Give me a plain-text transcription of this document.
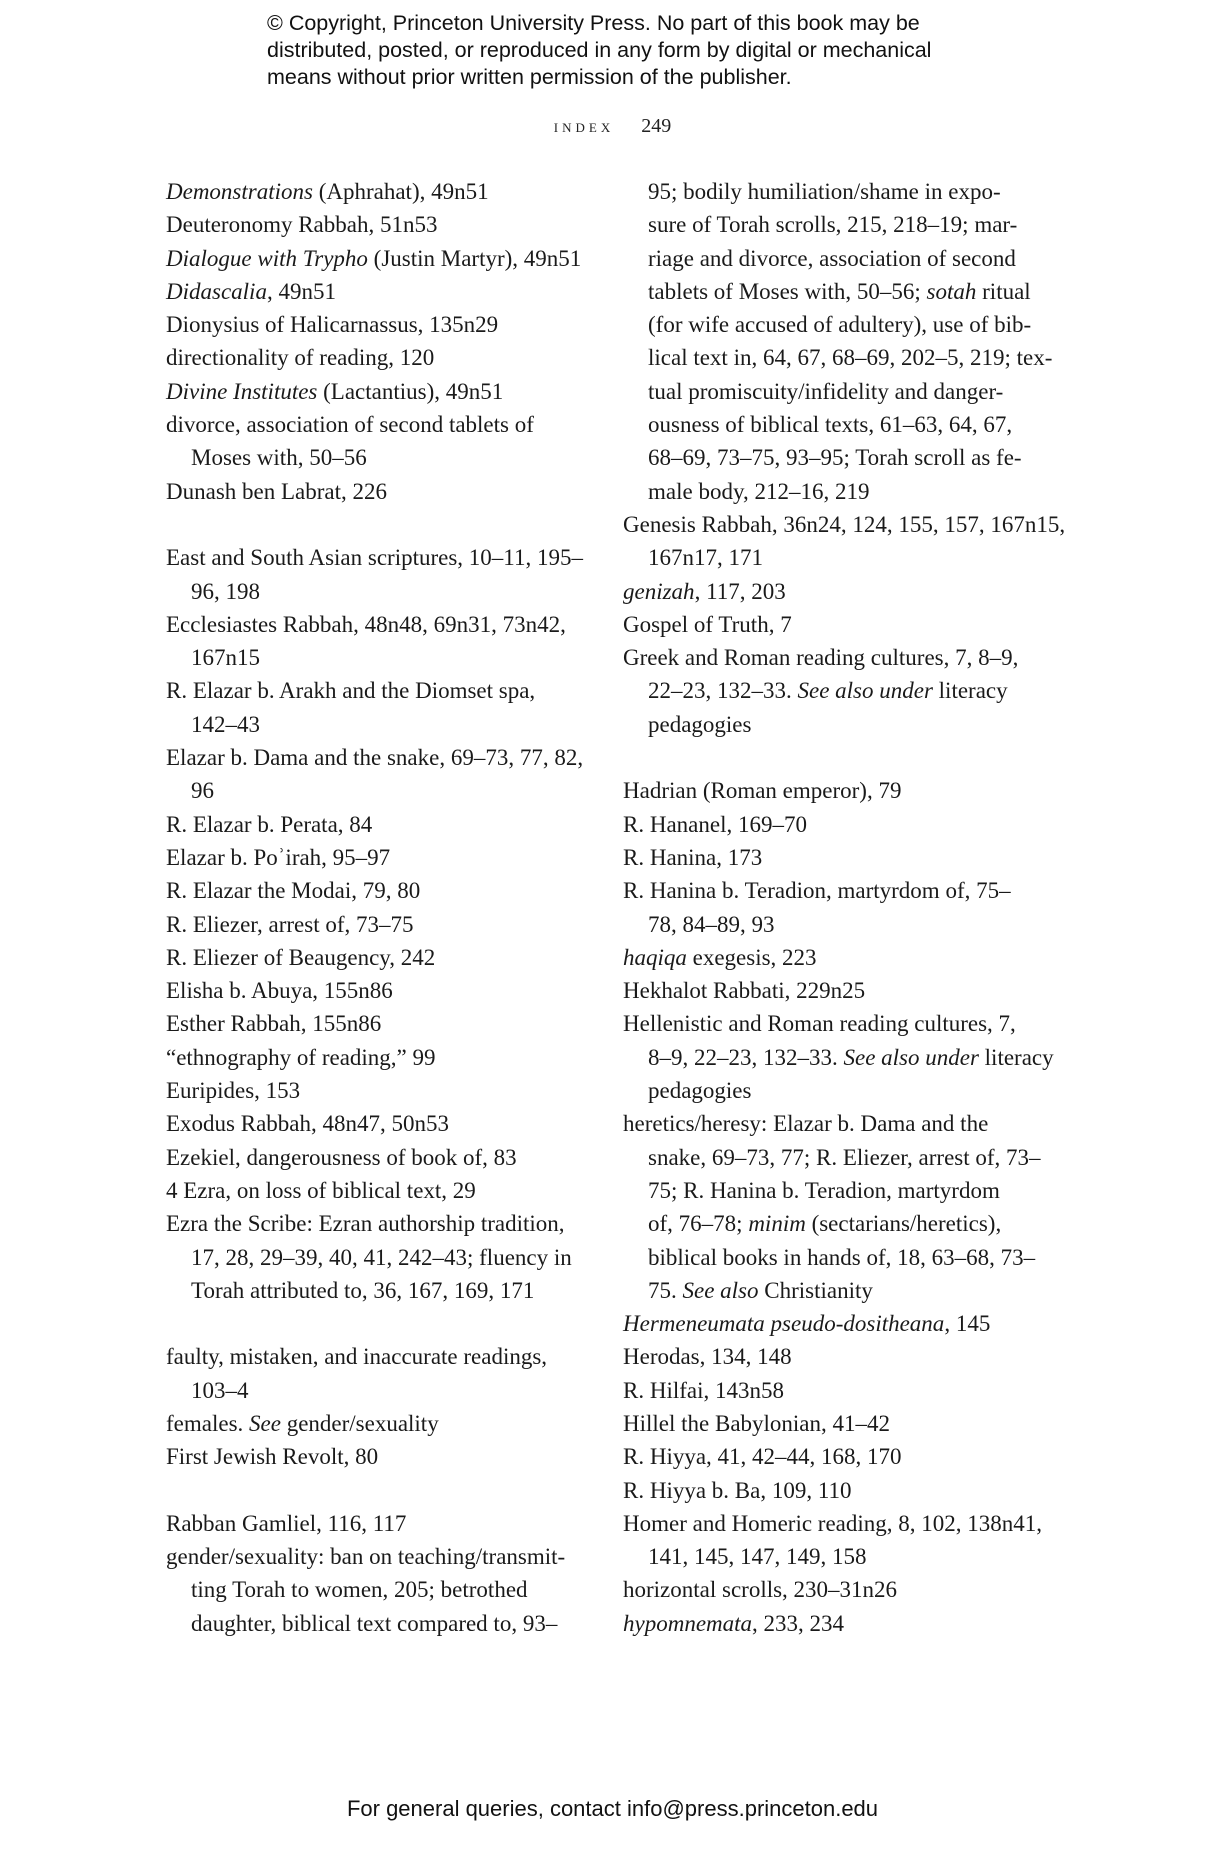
© Copyright, Princeton University Press. No part of this book may be
distributed, posted, or reproduced in any form by digital or mechanical
means without prior written permission of the publisher.
index 249
Demonstrations (Aphrahat), 49n51
Deuteronomy Rabbah, 51n53
Dialogue with Trypho (Justin Martyr), 49n51
Didascalia, 49n51
Dionysius of Halicarnassus, 135n29
directionality of reading, 120
Divine Institutes (Lactantius), 49n51
divorce, association of second tablets of
Moses with, 50–56
Dunash ben Labrat, 226
East and South Asian scriptures, 10–11, 195–
96, 198
Ecclesiastes Rabbah, 48n48, 69n31, 73n42,
167n15
R. Elazar b. Arakh and the Diomset spa,
142–43
Elazar b. Dama and the snake, 69–73, 77, 82,
96
R. Elazar b. Perata, 84
Elazar b. Poʾirah, 95–97
R. Elazar the Modai, 79, 80
R. Eliezer, arrest of, 73–75
R. Eliezer of Beaugency, 242
Elisha b. Abuya, 155n86
Esther Rabbah, 155n86
“ethnography of reading,” 99
Euripides, 153
Exodus Rabbah, 48n47, 50n53
Ezekiel, dangerousness of book of, 83
4 Ezra, on loss of biblical text, 29
Ezra the Scribe: Ezran authorship tradition,
17, 28, 29–39, 40, 41, 242–43; fluency in
Torah attributed to, 36, 167, 169, 171
faulty, mistaken, and inaccurate readings,
103–4
females. See gender/sexuality
First Jewish Revolt, 80
Rabban Gamliel, 116, 117
gender/sexuality: ban on teaching/transmit-
ting Torah to women, 205; betrothed
daughter, biblical text compared to, 93–
95; bodily humiliation/shame in expo-
sure of Torah scrolls, 215, 218–19; mar-
riage and divorce, association of second
tablets of Moses with, 50–56; sotah ritual
(for wife accused of adultery), use of bib-
lical text in, 64, 67, 68–69, 202–5, 219; tex-
tual promiscuity/infidelity and danger-
ousness of biblical texts, 61–63, 64, 67,
68–69, 73–75, 93–95; Torah scroll as fe-
male body, 212–16, 219
Genesis Rabbah, 36n24, 124, 155, 157, 167n15,
167n17, 171
genizah, 117, 203
Gospel of Truth, 7
Greek and Roman reading cultures, 7, 8–9,
22–23, 132–33. See also under literacy
pedagogies
Hadrian (Roman emperor), 79
R. Hananel, 169–70
R. Hanina, 173
R. Hanina b. Teradion, martyrdom of, 75–
78, 84–89, 93
haqiqa exegesis, 223
Hekhalot Rabbati, 229n25
Hellenistic and Roman reading cultures, 7,
8–9, 22–23, 132–33. See also under literacy
pedagogies
heretics/heresy: Elazar b. Dama and the
snake, 69–73, 77; R. Eliezer, arrest of, 73–
75; R. Hanina b. Teradion, martyrdom
of, 76–78; minim (sectarians/heretics),
biblical books in hands of, 18, 63–68, 73–
75. See also Christianity
Hermeneumata pseudo-dositheana, 145
Herodas, 134, 148
R. Hilfai, 143n58
Hillel the Babylonian, 41–42
R. Hiyya, 41, 42–44, 168, 170
R. Hiyya b. Ba, 109, 110
Homer and Homeric reading, 8, 102, 138n41,
141, 145, 147, 149, 158
horizontal scrolls, 230–31n26
hypomnemata, 233, 234
For general queries, contact info@press.princeton.edu
